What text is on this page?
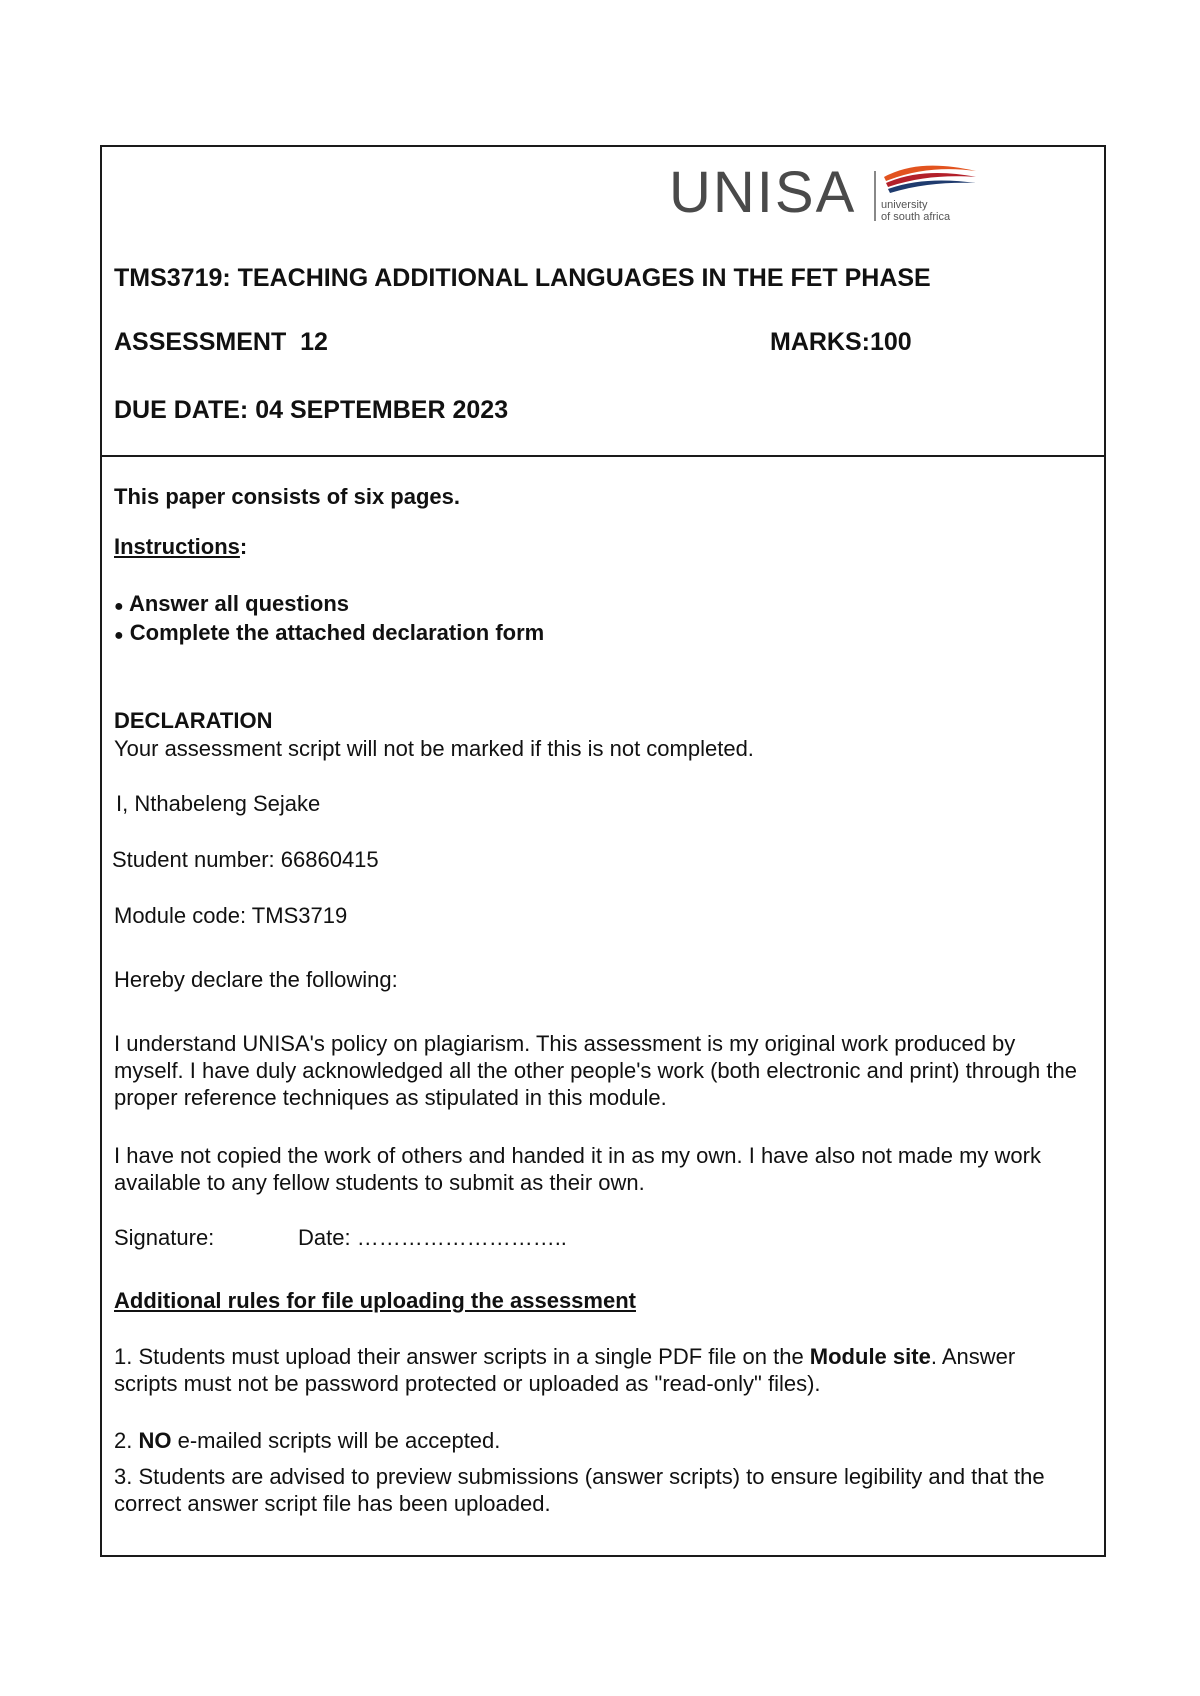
UNISA university
of south africa
TMS3719: TEACHING ADDITIONAL LANGUAGES IN THE FET PHASE
ASSESSMENT  12	MARKS:100
DUE DATE: 04 SEPTEMBER 2023
This paper consists of six pages.
Instructions:
● Answer all questions
● Complete the attached declaration form
DECLARATION
Your assessment script will not be marked if this is not completed.
I, Nthabeleng Sejake
Student number: 66860415
Module code: TMS3719
Hereby declare the following:
I understand UNISA's policy on plagiarism. This assessment is my original work produced by myself. I have duly acknowledged all the other people's work (both electronic and print) through the proper reference techniques as stipulated in this module.
I have not copied the work of others and handed it in as my own. I have also not made my work available to any fellow students to submit as their own.
Signature:	Date: ………………………..
Additional rules for file uploading the assessment
1. Students must upload their answer scripts in a single PDF file on the Module site. Answer scripts must not be password protected or uploaded as "read-only" files).
2. NO e-mailed scripts will be accepted.
3. Students are advised to preview submissions (answer scripts) to ensure legibility and that the correct answer script file has been uploaded.
